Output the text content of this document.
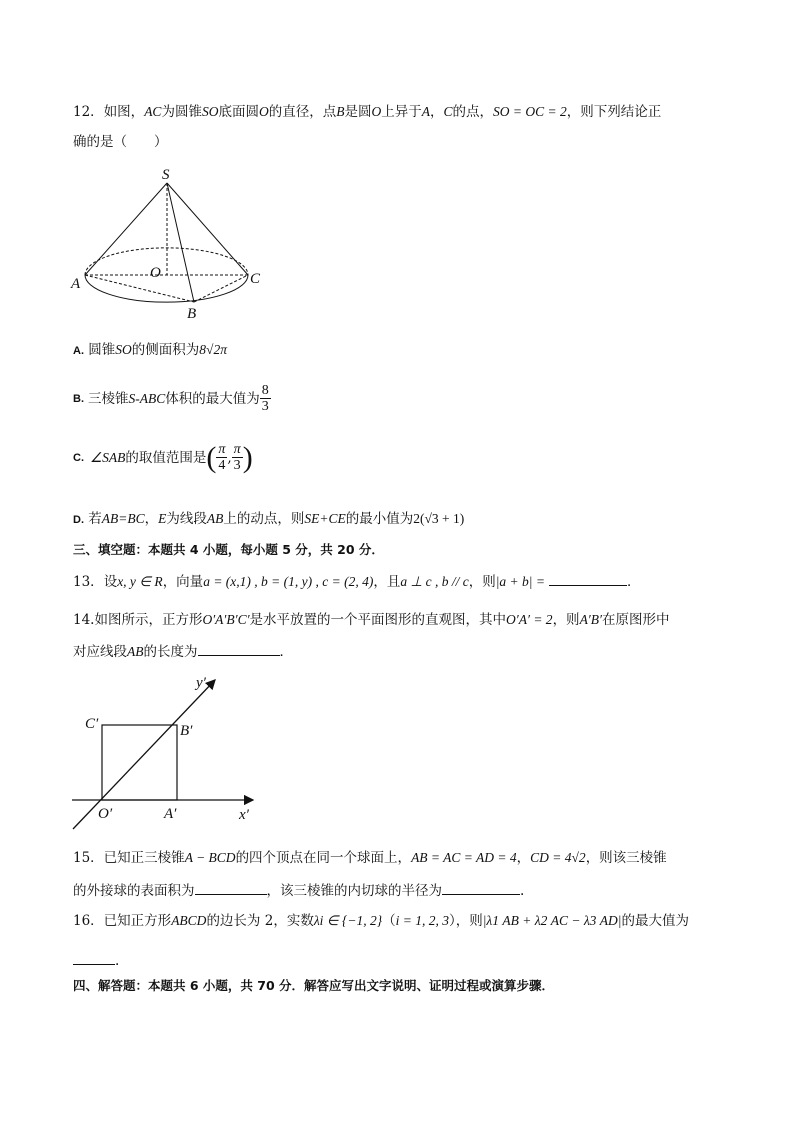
12．如图，AC为圆锥SO底面圆O的直径，点B是圆O上异于A，C的点，SO = OC = 2，则下列结论正
确的是（　　）
S
O
A	C
B
A. 圆锥SO的侧面积为8√2π
B. 三棱锥 S-ABC 体积的最大值为 $\frac{8}{3}$
C. ∠SAB 的取值范围是 ( $\frac{\pi}{4}$ , $\frac{\pi}{3}$ )
D. 若AB=BC，E为线段AB上的动点，则SE+CE的最小值为2(√3 + 1)
三、填空题：本题共 4 小题，每小题 5 分，共 20 分．
13．设x, y ∈ R，向量a = (x,1) , b = (1, y) , c = (2, 4)，且a ⊥ c , b // c，则|a + b| =	．
14.如图所示，正方形O′A′B′C′是水平放置的一个平面图形的直观图，其中O′A′ = 2，则A′B′在原图形中
对应线段AB的长度为	．
y′
C′	B′
O′	A′	x′
15．已知正三棱锥A − BCD的四个顶点在同一个球面上，AB = AC = AD = 4，CD = 4√2，则该三棱锥
的外接球的表面积为	，该三棱锥的内切球的半径为	.
16．已知正方形ABCD的边长为 2，实数λi ∈ {−1, 2}（i = 1, 2, 3），则|λ1 AB + λ2 AC − λ3 AD|的最大值为
.
四、解答题：本题共 6 小题，共 70 分．解答应写出文字说明、证明过程或演算步骤．
